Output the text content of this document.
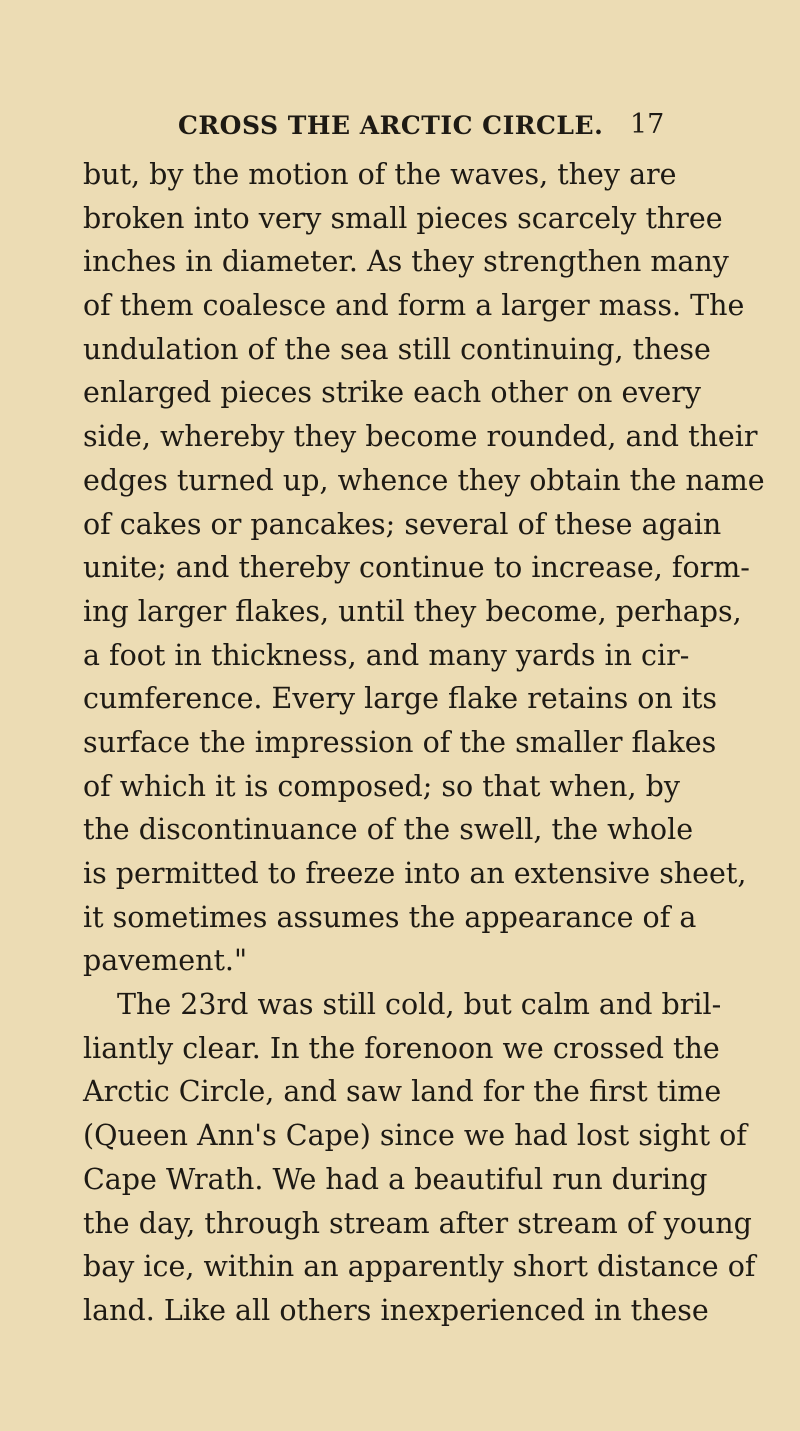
CROSS THE ARCTIC CIRCLE. 17
but, by the motion of the waves, they are
broken into very small pieces scarcely three
inches in diameter. As they strengthen many
of them coalesce and form a larger mass. The
undulation of the sea still continuing, these
enlarged pieces strike each other on every
side, whereby they become rounded, and their
edges turned up, whence they obtain the name
of cakes or pancakes; several of these again
unite; and thereby continue to increase, form-
ing larger flakes, until they become, perhaps,
a foot in thickness, and many yards in cir-
cumference. Every large flake retains on its
surface the impression of the smaller flakes
of which it is composed; so that when, by
the discontinuance of the swell, the whole
is permitted to freeze into an extensive sheet,
it sometimes assumes the appearance of a
pavement."
The 23rd was still cold, but calm and bril-
liantly clear. In the forenoon we crossed the
Arctic Circle, and saw land for the first time
(Queen Ann's Cape) since we had lost sight of
Cape Wrath. We had a beautiful run during
the day, through stream after stream of young
bay ice, within an apparently short distance of
land. Like all others inexperienced in these
